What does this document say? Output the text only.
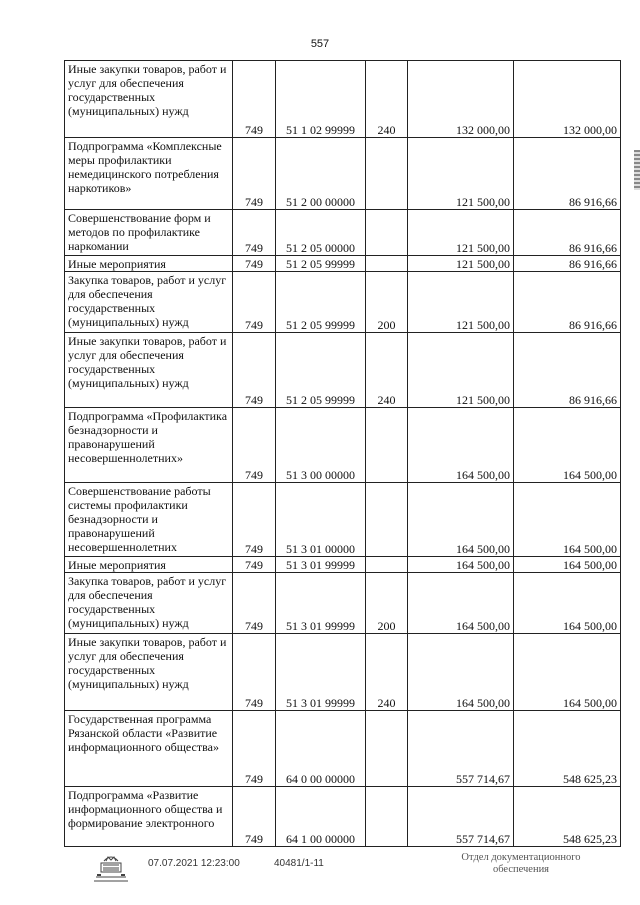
557
Иные закупки товаров, работ и услуг для обеспечения государственных (муниципальных) нужд	749	51 1 02 99999	240	132 000,00	132 000,00
Подпрограмма «Комплексные меры профилактики немедицинского потребления наркотиков»	749	51 2 00 00000		121 500,00	86 916,66
Совершенствование форм и методов по профилактике наркомании	749	51 2 05 00000		121 500,00	86 916,66
Иные мероприятия	749	51 2 05 99999		121 500,00	86 916,66
Закупка товаров, работ и услуг для обеспечения государственных (муниципальных) нужд	749	51 2 05 99999	200	121 500,00	86 916,66
Иные закупки товаров, работ и услуг для обеспечения государственных (муниципальных) нужд	749	51 2 05 99999	240	121 500,00	86 916,66
Подпрограмма «Профилактика безнадзорности и правонарушений несовершеннолетних»	749	51 3 00 00000		164 500,00	164 500,00
Совершенствование работы системы профилактики безнадзорности и правонарушений несовершеннолетних	749	51 3 01 00000		164 500,00	164 500,00
Иные мероприятия	749	51 3 01 99999		164 500,00	164 500,00
Закупка товаров, работ и услуг для обеспечения государственных (муниципальных) нужд	749	51 3 01 99999	200	164 500,00	164 500,00
Иные закупки товаров, работ и услуг для обеспечения государственных (муниципальных) нужд	749	51 3 01 99999	240	164 500,00	164 500,00
Государственная программа Рязанской области «Развитие информационного общества»	749	64 0 00 00000		557 714,67	548 625,23
Подпрограмма «Развитие информационного общества и формирование электронного	749	64 1 00 00000		557 714,67	548 625,23
07.07.2021 12:23:00	40481/1-11
Отдел документационного
обеспечения
